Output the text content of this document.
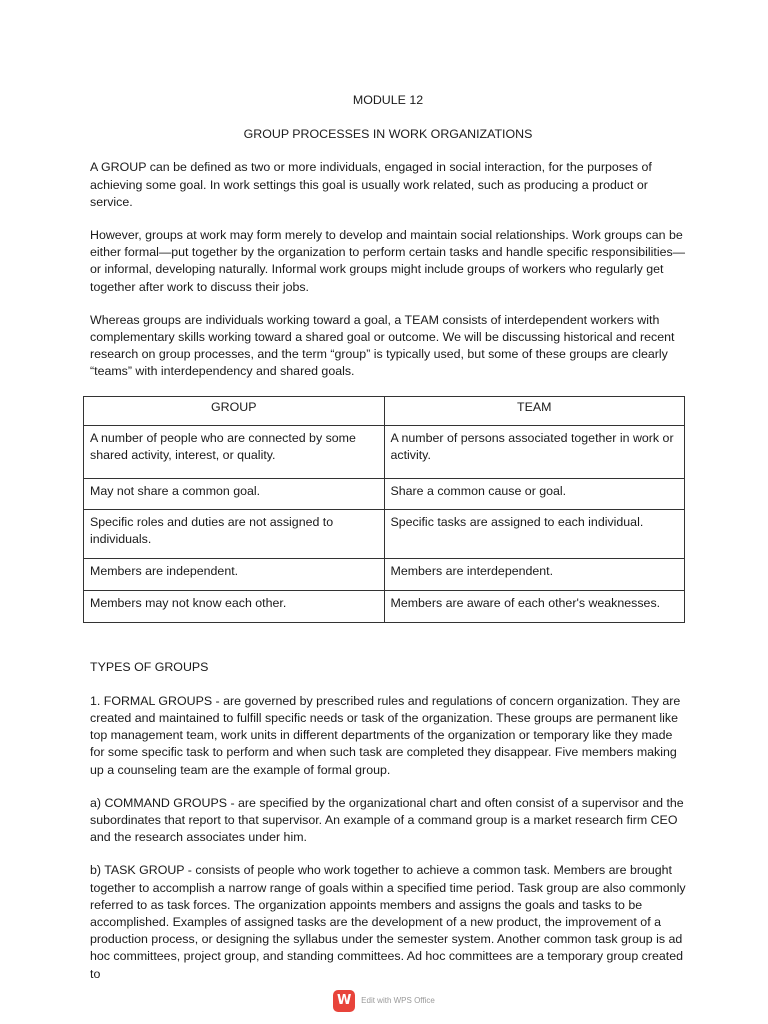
MODULE 12
GROUP PROCESSES IN WORK ORGANIZATIONS

A GROUP can be defined as two or more individuals, engaged in social interaction, for the purposes of achieving some goal. In work settings this goal is usually work related, such as producing a product or service.

However, groups at work may form merely to develop and maintain social relationships. Work groups can be either formal—put together by the organization to perform certain tasks and handle specific responsibilities—or informal, developing naturally. Informal work groups might include groups of workers who regularly get together after work to discuss their jobs.

Whereas groups are individuals working toward a goal, a TEAM consists of interdependent workers with complementary skills working toward a shared goal or outcome. We will be discussing historical and recent research on group processes, and the term “group” is typically used, but some of these groups are clearly “teams” with interdependency and shared goals.

GROUP	TEAM
A number of people who are connected by some shared activity, interest, or quality.	A number of persons associated together in work or activity.
May not share a common goal.	Share a common cause or goal.
Specific roles and duties are not assigned to individuals.	Specific tasks are assigned to each individual.
Members are independent.	Members are interdependent.
Members may not know each other.	Members are aware of each other's weaknesses.

TYPES OF GROUPS

1. FORMAL GROUPS - are governed by prescribed rules and regulations of concern organization. They are created and maintained to fulfill specific needs or task of the organization. These groups are permanent like top management team, work units in different departments of the organization or temporary like they made for some specific task to perform and when such task are completed they disappear. Five members making up a counseling team are the example of formal group.

a) COMMAND GROUPS - are specified by the organizational chart and often consist of a supervisor and the subordinates that report to that supervisor. An example of a command group is a market research firm CEO and the research associates under him.

b) TASK GROUP - consists of people who work together to achieve a common task. Members are brought together to accomplish a narrow range of goals within a specified time period. Task group are also commonly referred to as task forces. The organization appoints members and assigns the goals and tasks to be accomplished. Examples of assigned tasks are the development of a new product, the improvement of a production process, or designing the syllabus under the semester system. Another common task group is ad hoc committees, project group, and standing committees. Ad hoc committees are a temporary group created to

W	Edit with WPS Office
